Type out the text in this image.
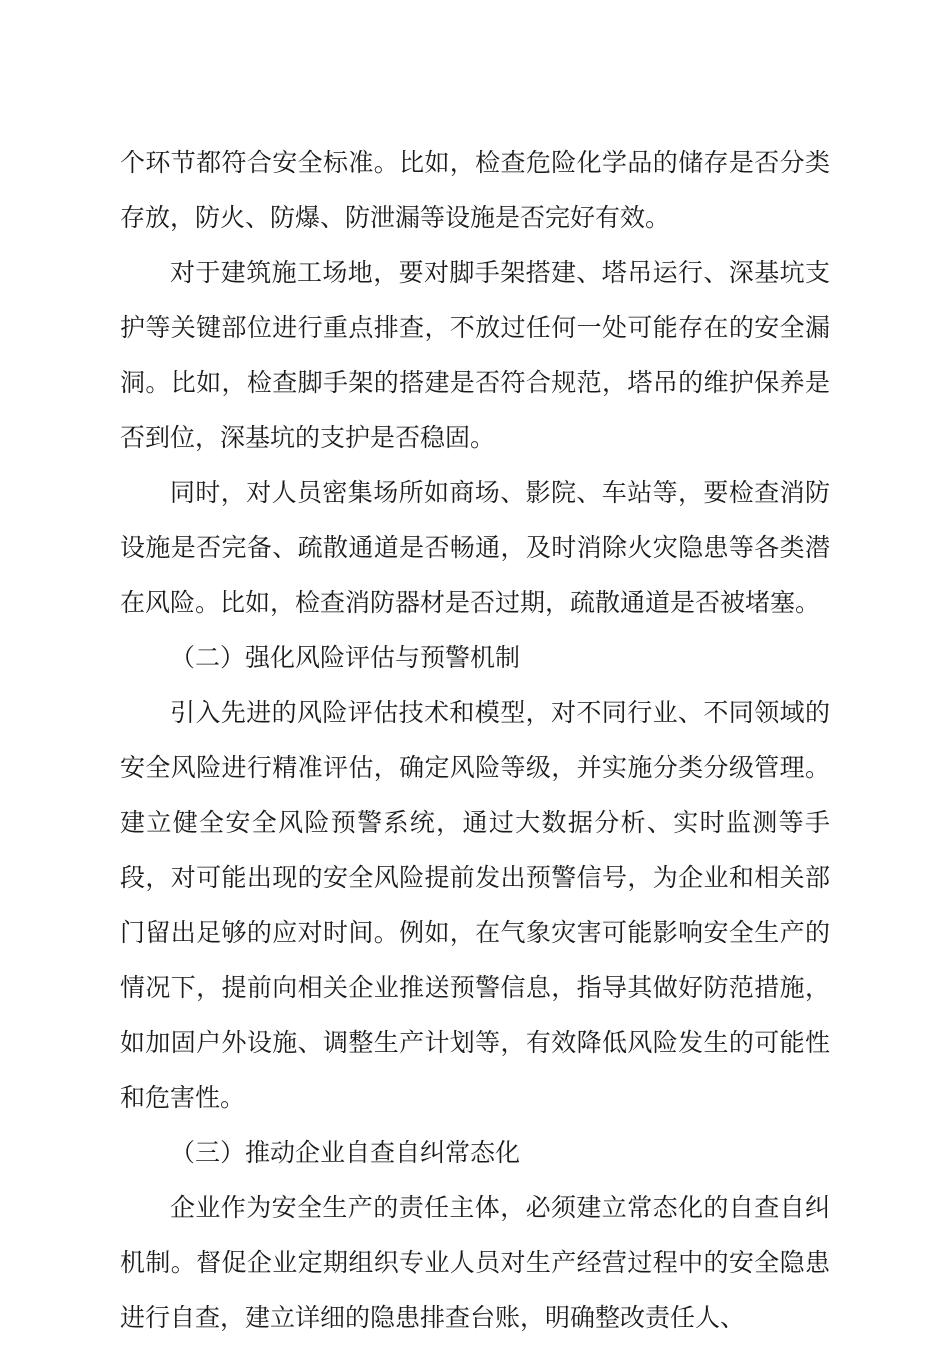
个环节都符合安全标准。比如，检查危险化学品的储存是否分类存放，防火、防爆、防泄漏等设施是否完好有效。

对于建筑施工场地，要对脚手架搭建、塔吊运行、深基坑支护等关键部位进行重点排查，不放过任何一处可能存在的安全漏洞。比如，检查脚手架的搭建是否符合规范，塔吊的维护保养是否到位，深基坑的支护是否稳固。

同时，对人员密集场所如商场、影院、车站等，要检查消防设施是否完备、疏散通道是否畅通，及时消除火灾隐患等各类潜在风险。比如，检查消防器材是否过期，疏散通道是否被堵塞。

（二）强化风险评估与预警机制

引入先进的风险评估技术和模型，对不同行业、不同领域的安全风险进行精准评估，确定风险等级，并实施分类分级管理。建立健全安全风险预警系统，通过大数据分析、实时监测等手段，对可能出现的安全风险提前发出预警信号，为企业和相关部门留出足够的应对时间。例如，在气象灾害可能影响安全生产的情况下，提前向相关企业推送预警信息，指导其做好防范措施，如加固户外设施、调整生产计划等，有效降低风险发生的可能性和危害性。

（三）推动企业自查自纠常态化

企业作为安全生产的责任主体，必须建立常态化的自查自纠机制。督促企业定期组织专业人员对生产经营过程中的安全隐患进行自查，建立详细的隐患排查台账，明确整改责任人、
